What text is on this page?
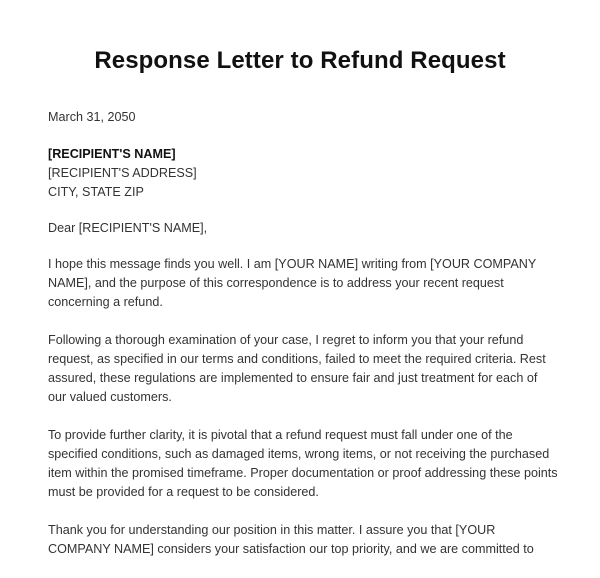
Response Letter to Refund Request

March 31, 2050

[RECIPIENT'S NAME]

[RECIPIENT'S ADDRESS]

CITY, STATE ZIP

Dear [RECIPIENT'S NAME],

I hope this message finds you well. I am [YOUR NAME] writing from [YOUR COMPANY NAME], and the purpose of this correspondence is to address your recent request concerning a refund.

Following a thorough examination of your case, I regret to inform you that your refund request, as specified in our terms and conditions, failed to meet the required criteria. Rest assured, these regulations are implemented to ensure fair and just treatment for each of our valued customers.

To provide further clarity, it is pivotal that a refund request must fall under one of the specified conditions, such as damaged items, wrong items, or not receiving the purchased item within the promised timeframe. Proper documentation or proof addressing these points must be provided for a request to be considered.

Thank you for understanding our position in this matter. I assure you that [YOUR COMPANY NAME] considers your satisfaction our top priority, and we are committed to
